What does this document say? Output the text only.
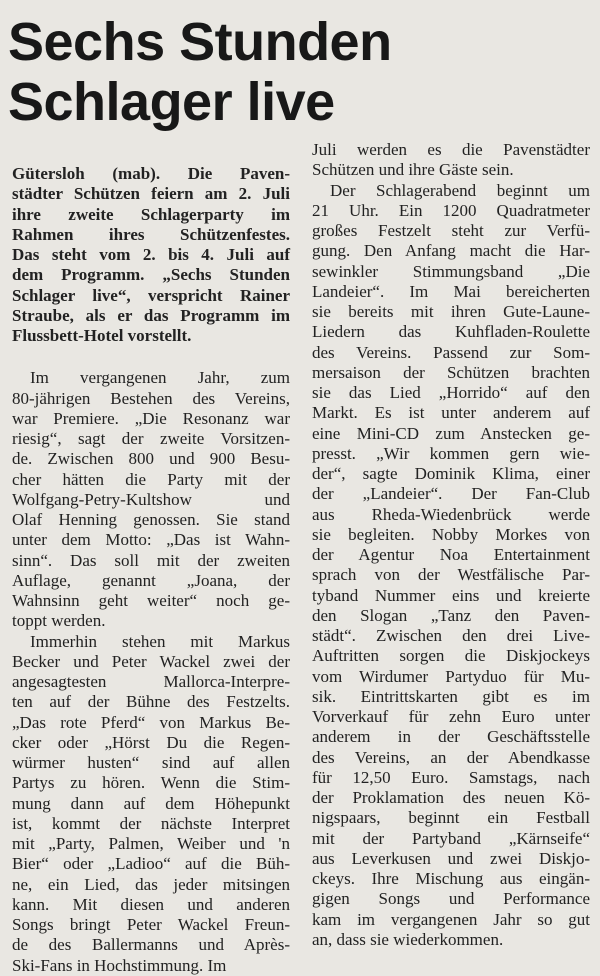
Sechs Stunden
Schlager live

Gütersloh (mab). Die Paven-

städter Schützen feiern am 2. Juli

ihre zweite Schlagerparty im

Rahmen ihres Schützenfestes.

Das steht vom 2. bis 4. Juli auf

dem Programm. „Sechs Stunden

Schlager live“, verspricht Rainer

Straube, als er das Programm im

Flussbett-Hotel vorstellt.

Im vergangenen Jahr, zum

80-jährigen Bestehen des Vereins,

war Premiere. „Die Resonanz war

riesig“, sagt der zweite Vorsitzen-

de. Zwischen 800 und 900 Besu-

cher hätten die Party mit der

Wolfgang-Petry-Kultshow und

Olaf Henning genossen. Sie stand

unter dem Motto: „Das ist Wahn-

sinn“. Das soll mit der zweiten

Auflage, genannt „Joana, der

Wahnsinn geht weiter“ noch ge-

toppt werden.

Immerhin stehen mit Markus

Becker und Peter Wackel zwei der

angesagtesten Mallorca-Interpre-

ten auf der Bühne des Festzelts.

„Das rote Pferd“ von Markus Be-

cker oder „Hörst Du die Regen-

würmer husten“ sind auf allen

Partys zu hören. Wenn die Stim-

mung dann auf dem Höhepunkt

ist, kommt der nächste Interpret

mit „Party, Palmen, Weiber und 'n

Bier“ oder „Ladioo“ auf die Büh-

ne, ein Lied, das jeder mitsingen

kann. Mit diesen und anderen

Songs bringt Peter Wackel Freun-

de des Ballermanns und Après-

Ski-Fans in Hochstimmung. Im

Juli werden es die Pavenstädter

Schützen und ihre Gäste sein.

Der Schlagerabend beginnt um

21 Uhr. Ein 1200 Quadratmeter

großes Festzelt steht zur Verfü-

gung. Den Anfang macht die Har-

sewinkler Stimmungsband „Die

Landeier“. Im Mai bereicherten

sie bereits mit ihren Gute-Laune-

Liedern das Kuhfladen-Roulette

des Vereins. Passend zur Som-

mersaison der Schützen brachten

sie das Lied „Horrido“ auf den

Markt. Es ist unter anderem auf

eine Mini-CD zum Anstecken ge-

presst. „Wir kommen gern wie-

der“, sagte Dominik Klima, einer

der „Landeier“. Der Fan-Club

aus Rheda-Wiedenbrück werde

sie begleiten. Nobby Morkes von

der Agentur Noa Entertainment

sprach von der Westfälische Par-

tyband Nummer eins und kreierte

den Slogan „Tanz den Paven-

städt“. Zwischen den drei Live-

Auftritten sorgen die Diskjockeys

vom Wirdumer Partyduo für Mu-

sik. Eintrittskarten gibt es im

Vorverkauf für zehn Euro unter

anderem in der Geschäftsstelle

des Vereins, an der Abendkasse

für 12,50 Euro. Samstags, nach

der Proklamation des neuen Kö-

nigspaars, beginnt ein Festball

mit der Partyband „Kärnseife“

aus Leverkusen und zwei Diskjo-

ckeys. Ihre Mischung aus eingän-

gigen Songs und Performance

kam im vergangenen Jahr so gut

an, dass sie wiederkommen.
